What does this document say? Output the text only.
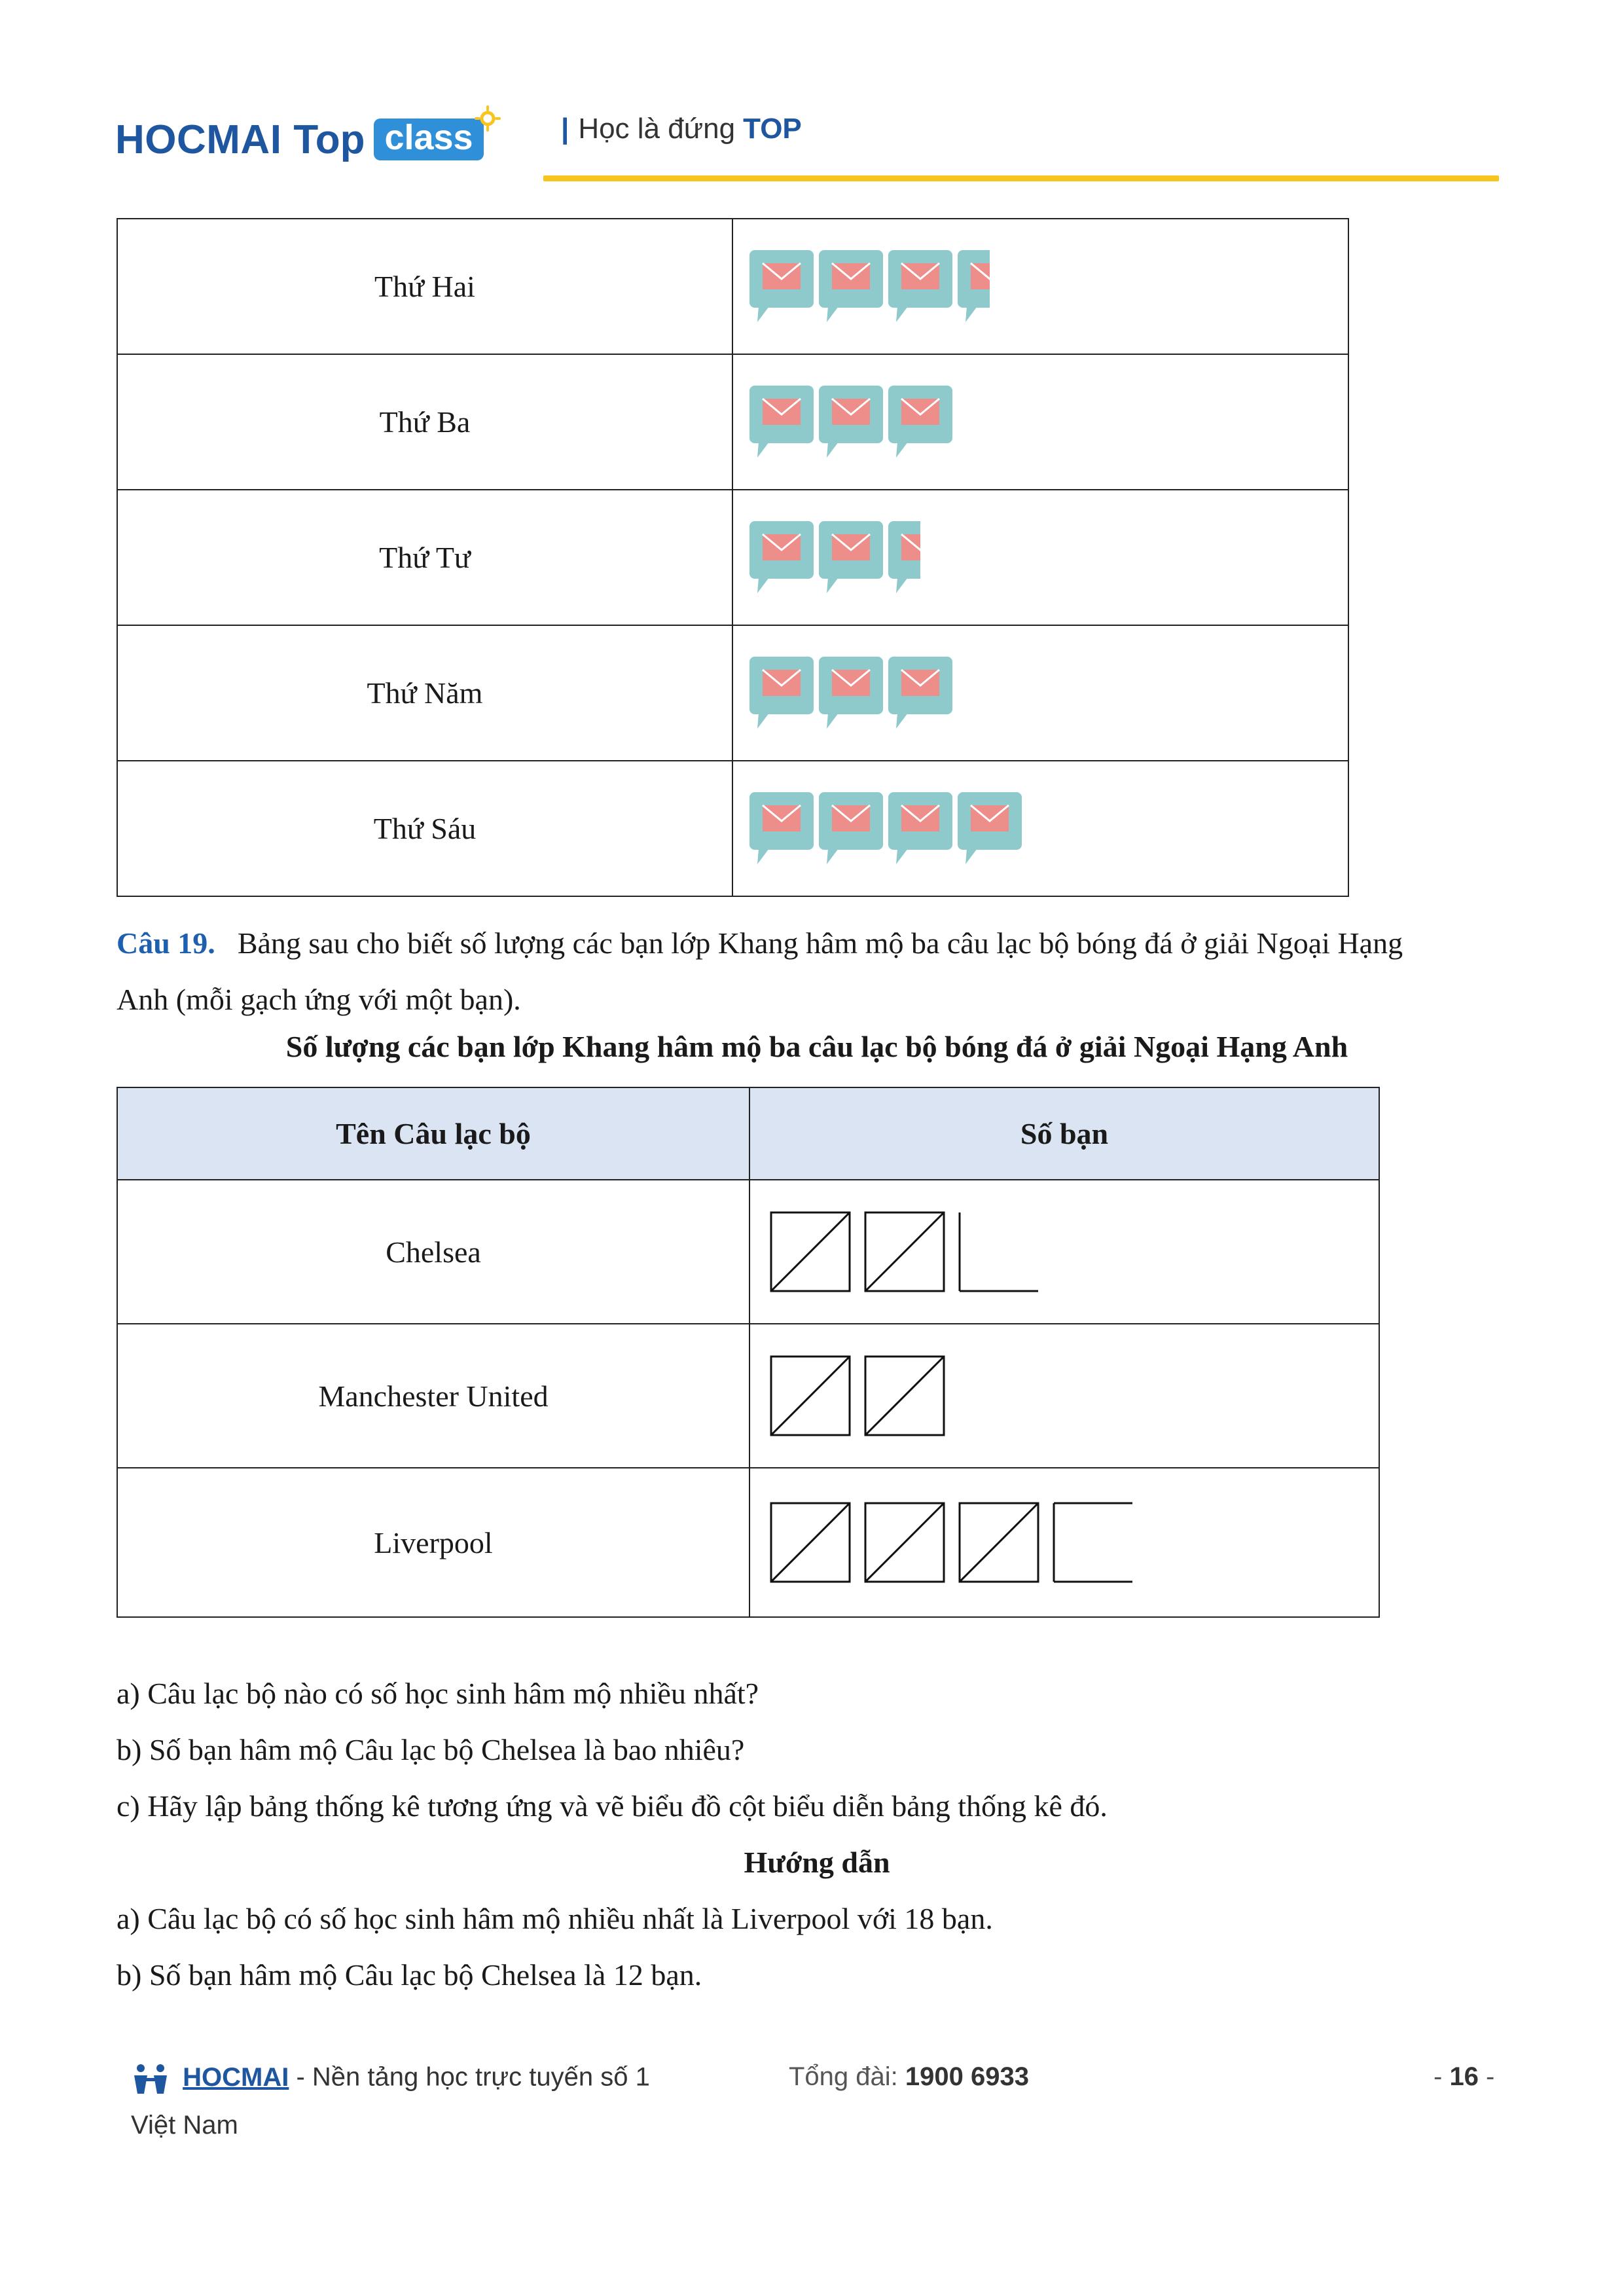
HOCMAI Top class	| Học là đứng TOP
Thứ Hai	

Thứ Ba	

Thứ Tư	

Thứ Năm	

Thứ Sáu	
Câu 19. Bảng sau cho biết số lượng các bạn lớp Khang hâm mộ ba câu lạc bộ bóng đá ở giải Ngoại Hạng
Anh (mỗi gạch ứng với một bạn).
Số lượng các bạn lớp Khang hâm mộ ba câu lạc bộ bóng đá ở giải Ngoại Hạng Anh
Tên Câu lạc bộ	Số bạn
Chelsea	

Manchester United	

Liverpool	
a) Câu lạc bộ nào có số học sinh hâm mộ nhiều nhất?
b) Số bạn hâm mộ Câu lạc bộ Chelsea là bao nhiêu?
c) Hãy lập bảng thống kê tương ứng và vẽ biểu đồ cột biểu diễn bảng thống kê đó.
Hướng dẫn
a) Câu lạc bộ có số học sinh hâm mộ nhiều nhất là Liverpool với 18 bạn.
b) Số bạn hâm mộ Câu lạc bộ Chelsea là 12 bạn.
HOCMAI - Nền tảng học trực tuyến số 1
Việt Nam
Tổng đài: 1900 6933	- 16 -
